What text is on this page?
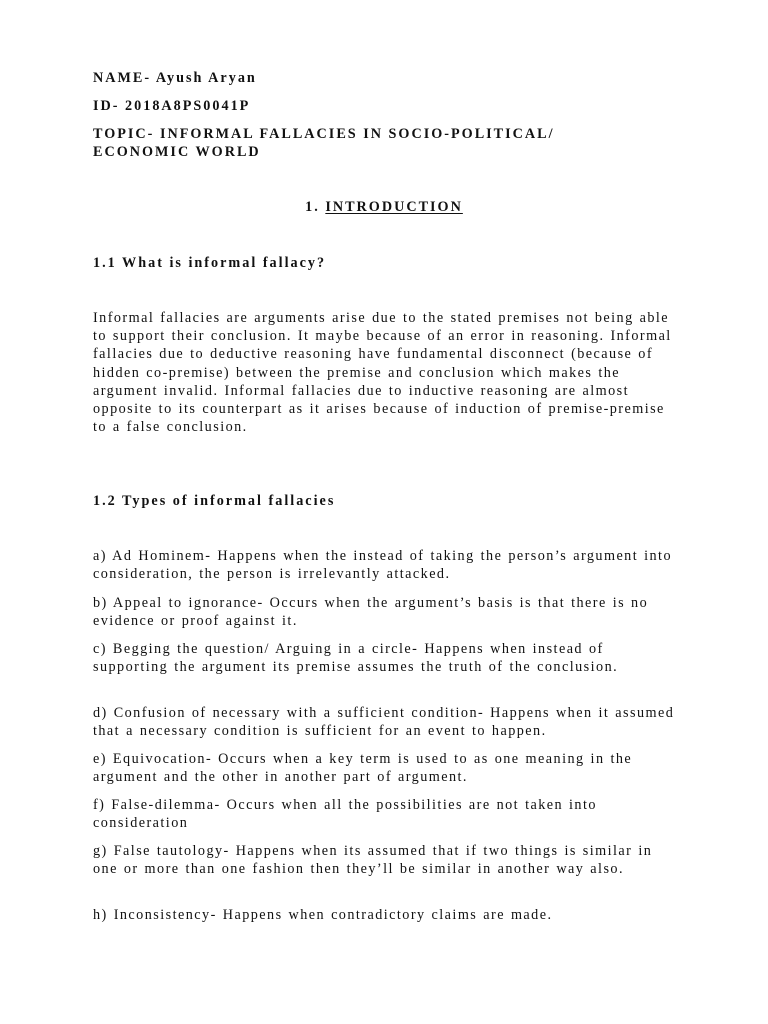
NAME- Ayush Aryan
ID- 2018A8PS0041P
TOPIC- INFORMAL FALLACIES IN SOCIO-POLITICAL/
ECONOMIC WORLD
1. INTRODUCTION
1.1 What is informal fallacy?
Informal fallacies are arguments arise due to the stated premises not being able to support their conclusion. It maybe because of an error in reasoning. Informal fallacies due to deductive reasoning have fundamental disconnect (because of hidden co-premise) between the premise and conclusion which makes the argument invalid. Informal fallacies due to inductive reasoning are almost opposite to its counterpart as it arises because of induction of premise-premise to a false conclusion.
1.2 Types of informal fallacies
a) Ad Hominem- Happens when the instead of taking the person’s argument into consideration, the person is irrelevantly attacked.
b) Appeal to ignorance- Occurs when the argument’s basis is that there is no evidence or proof against it.
c) Begging the question/ Arguing in a circle- Happens when instead of supporting the argument its premise assumes the truth of the conclusion.
d) Confusion of necessary with a sufficient condition- Happens when it assumed that a necessary condition is sufficient for an event to happen.
e) Equivocation- Occurs when a key term is used to as one meaning in the argument and the other in another part of argument.
f) False-dilemma- Occurs when all the possibilities are not taken into consideration
g) False tautology- Happens when its assumed that if two things is similar in one or more than one fashion then they’ll be similar in another way also.
h) Inconsistency- Happens when contradictory claims are made.
